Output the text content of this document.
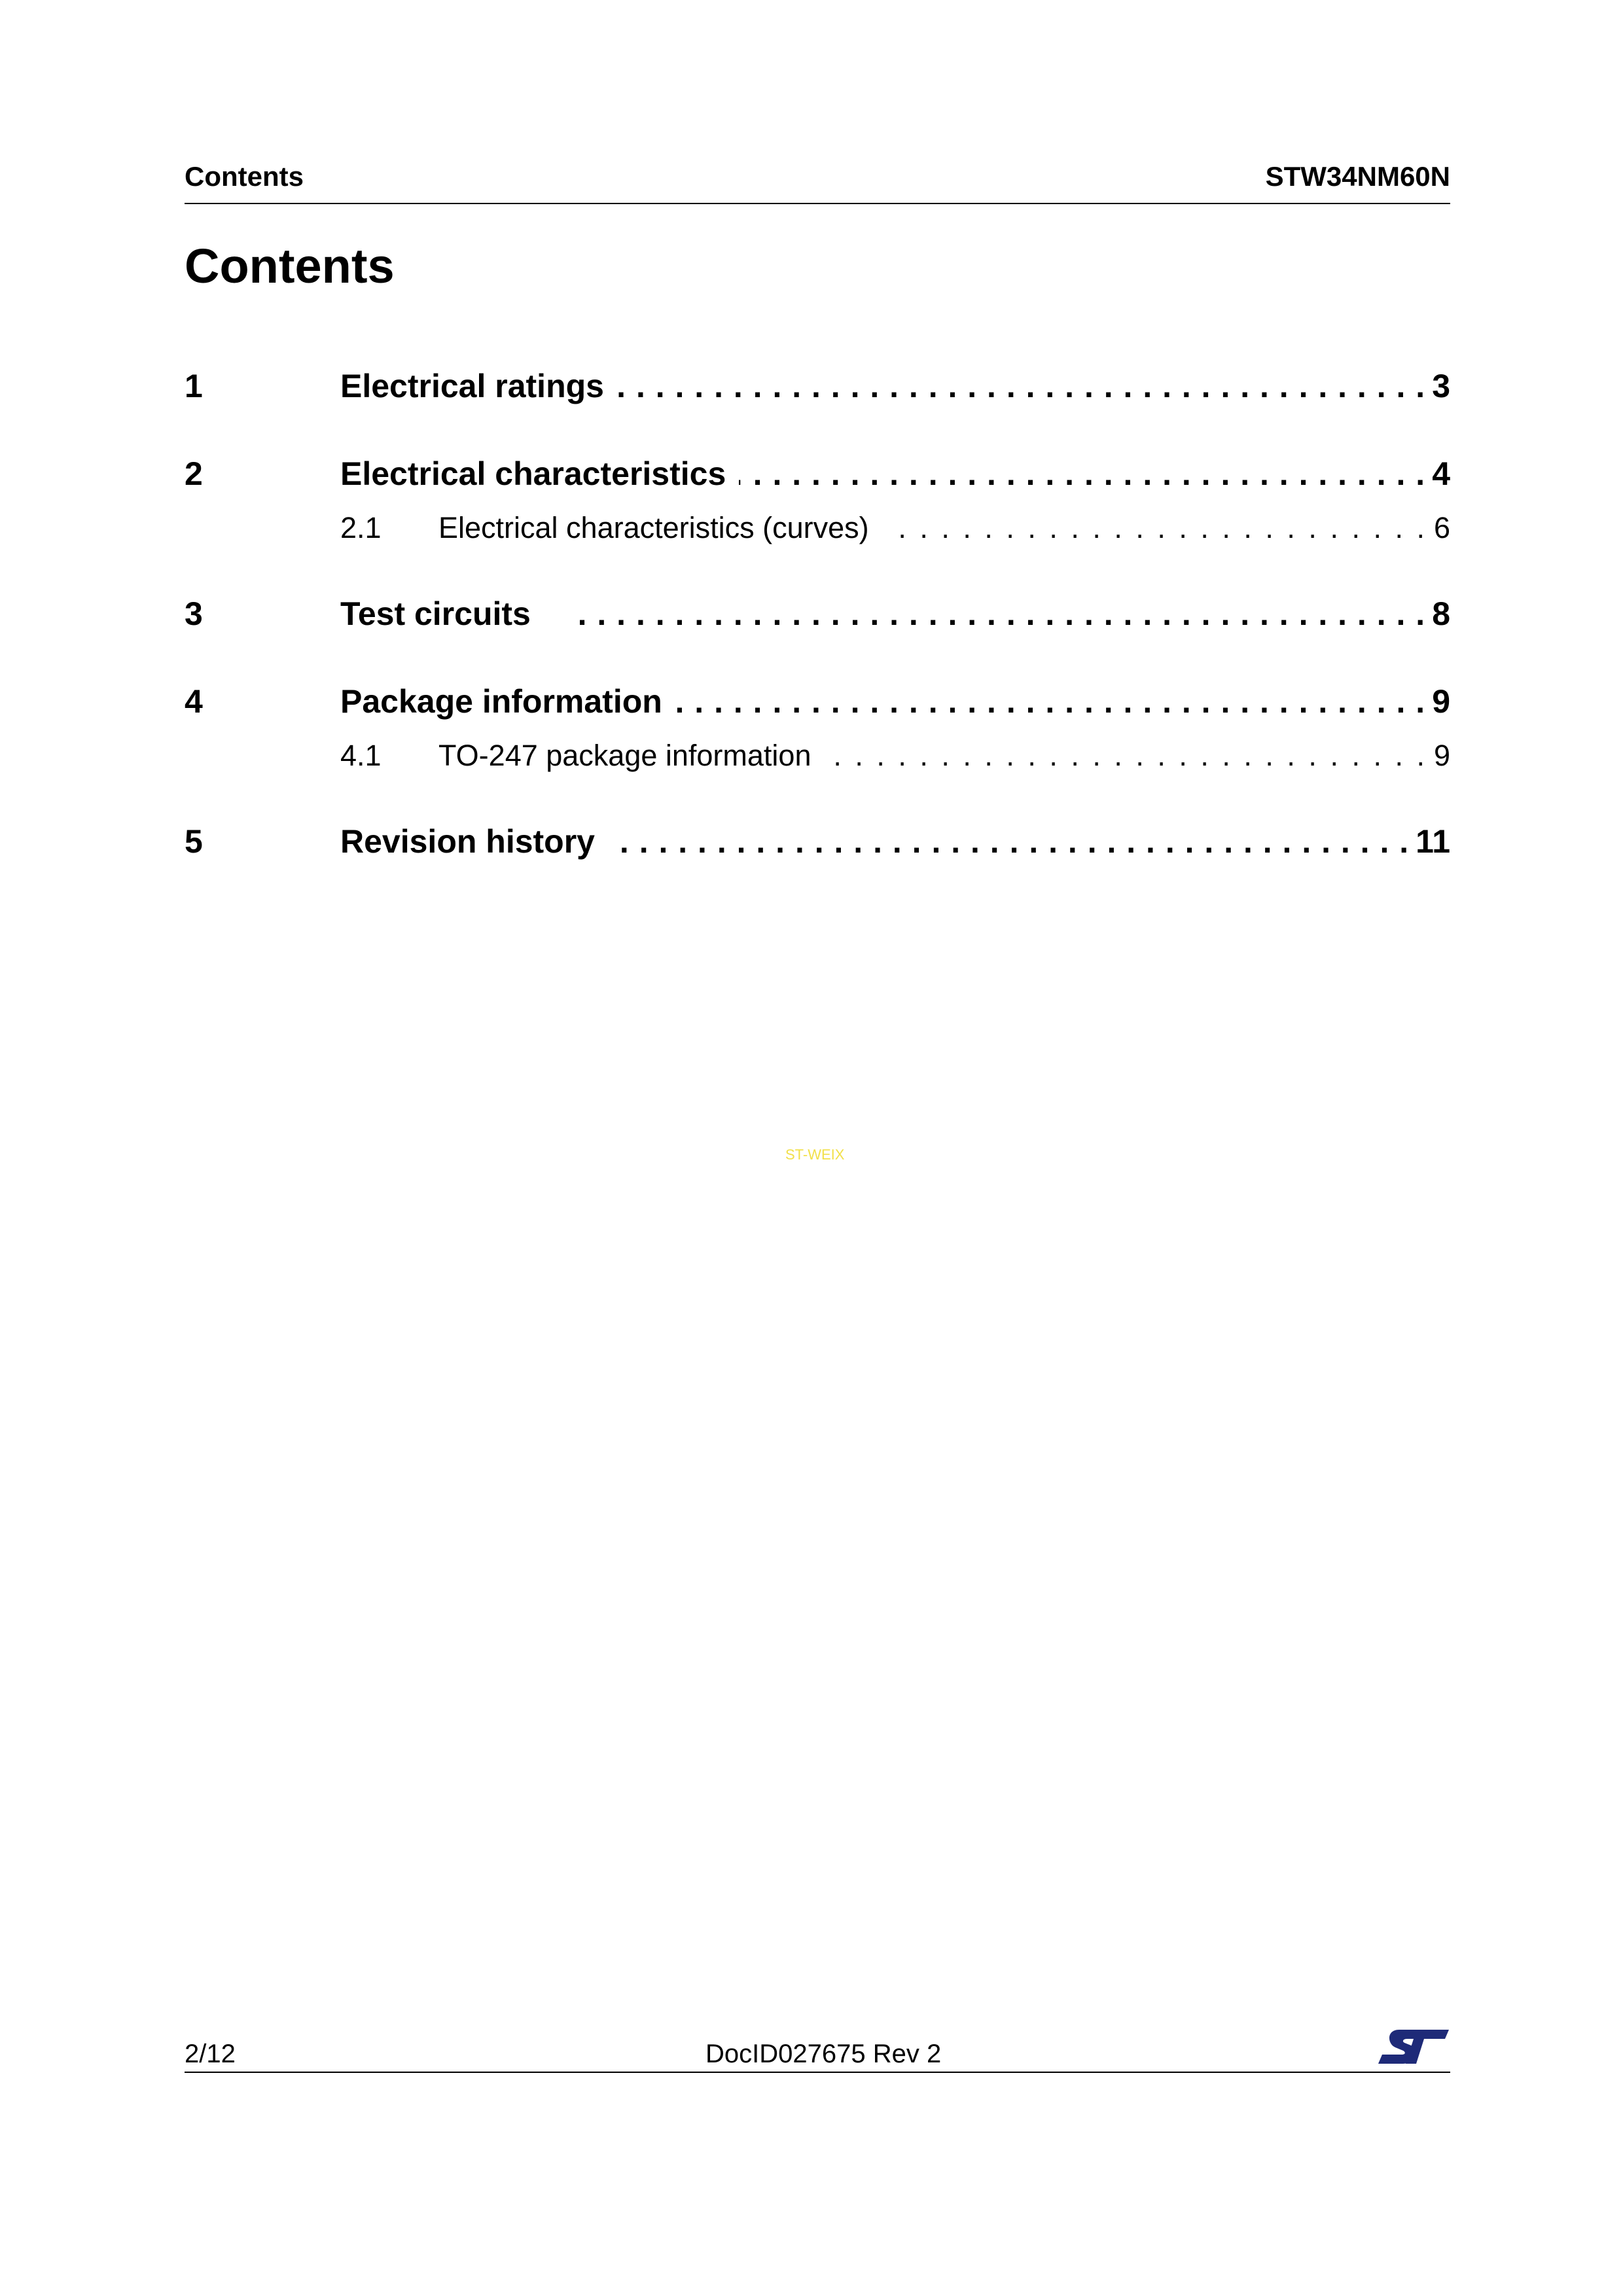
Contents	STW34NM60N
Contents
1	Electrical ratings . . .	3
2	Electrical characteristics . . .	4
2.1	Electrical characteristics (curves) . . .	6
3	Test circuits . . .	8
4	Package information . . .	9
4.1	TO-247 package information . . .	9
5	Revision history . . .	11
ST-WEIX
2/12	DocID027675 Rev 2
